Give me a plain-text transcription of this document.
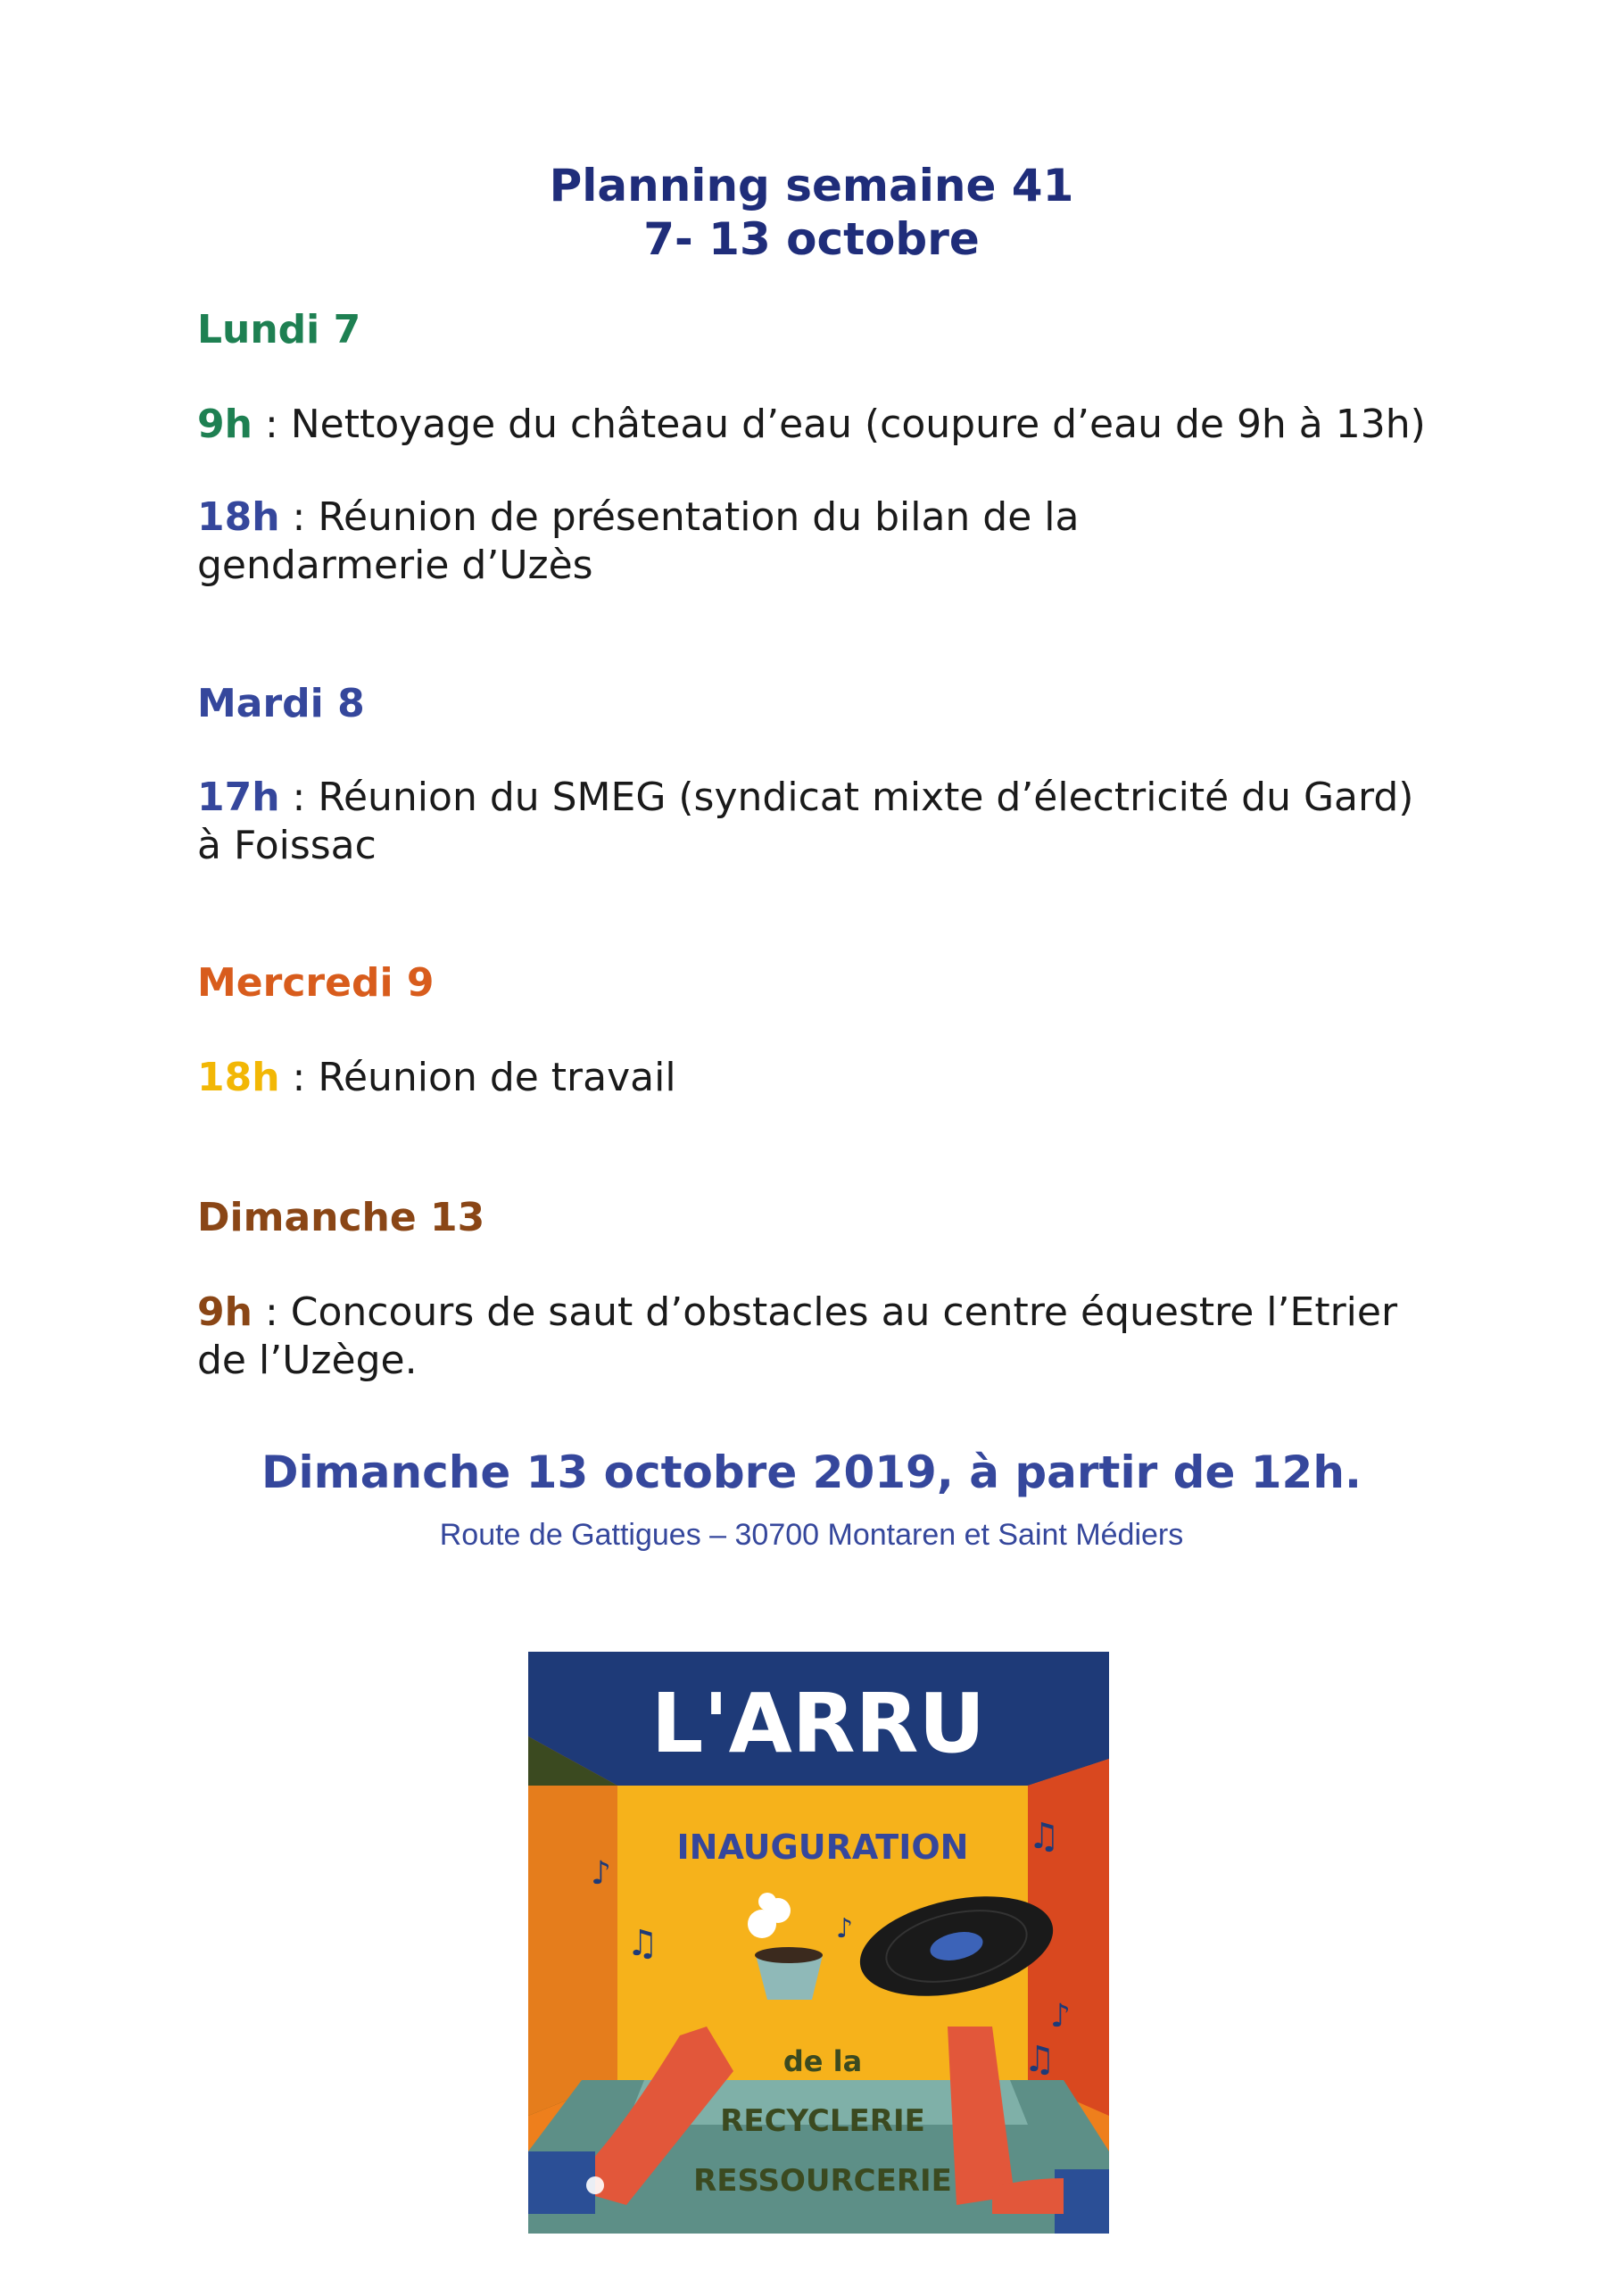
Planning semaine 41
7- 13 octobre
Lundi 7

9h : Nettoyage du château d’eau (coupure d’eau de 9h à 13h)

18h : Réunion de présentation du bilan de la gendarmerie d’Uzès

Mardi 8

17h : Réunion du SMEG (syndicat mixte d’électricité du Gard) à Foissac

Mercredi 9

18h : Réunion de travail

Dimanche 13

9h : Concours de saut d’obstacles au centre équestre l’Etrier de l’Uzège.

Dimanche 13 octobre 2019, à partir de 12h.
Route de Gattigues – 30700 Montaren et Saint Médiers
L'ARRU
INAUGURATION
de la
RECYCLERIE
RESSOURCERIE
♪
♫	♪
♫
♪
♫
